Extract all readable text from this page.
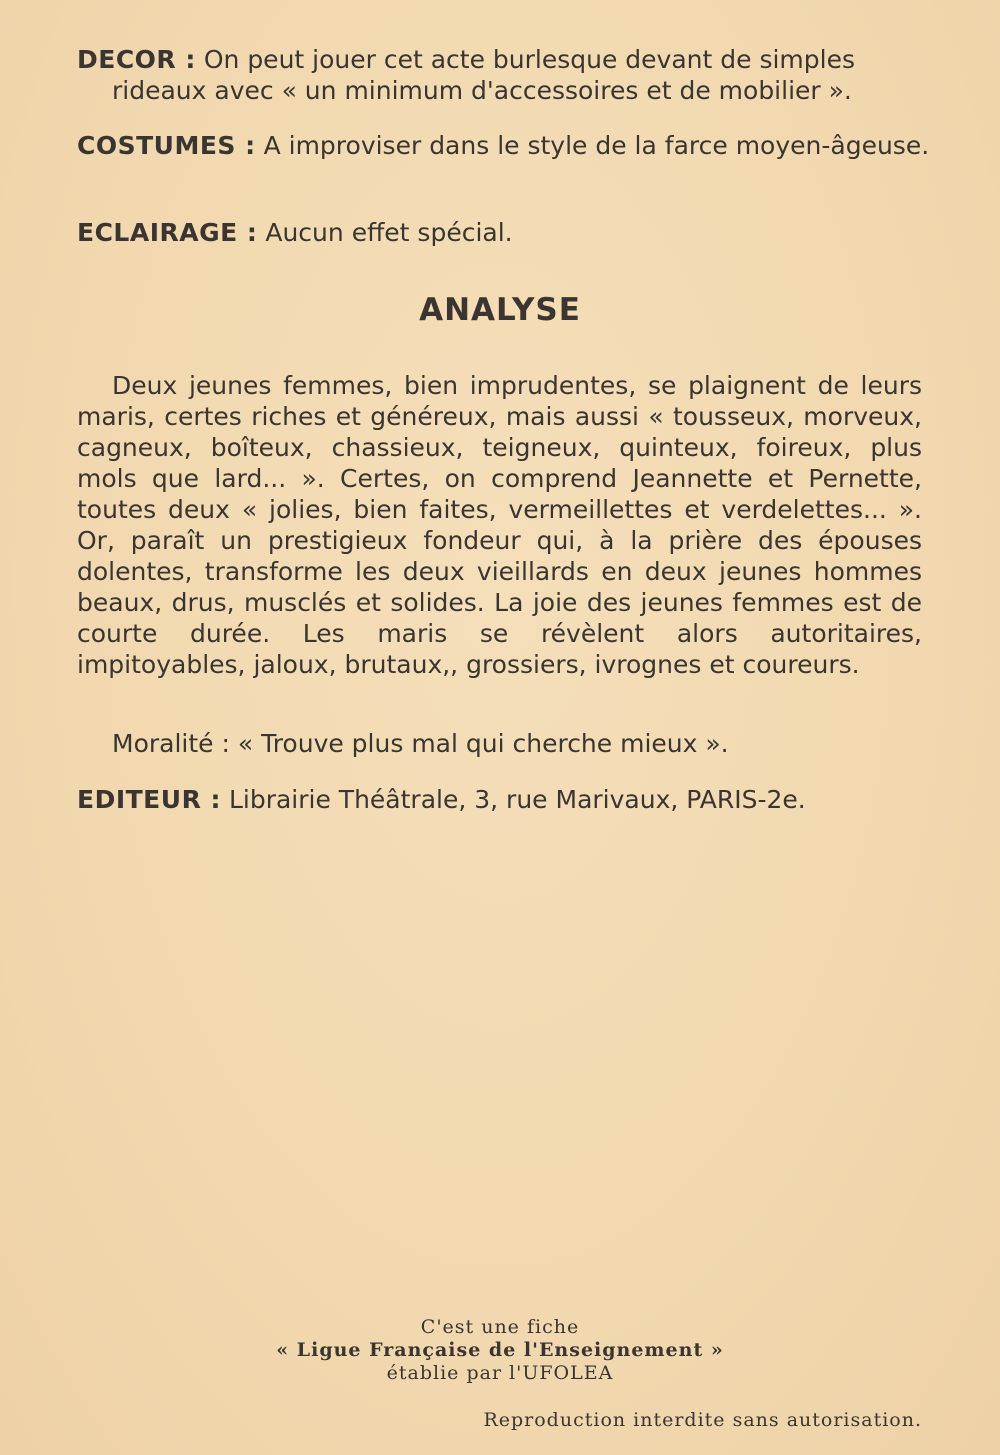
DECOR : On peut jouer cet acte burlesque devant de simples rideaux avec « un minimum d'accessoires et de mobilier ».
COSTUMES : A improviser dans le style de la farce moyen-âgeuse.
ECLAIRAGE : Aucun effet spécial.
ANALYSE
Deux jeunes femmes, bien imprudentes, se plaignent de leurs maris, certes riches et généreux, mais aussi « tousseux, morveux, cagneux, boîteux, chassieux, teigneux, quinteux, foireux, plus mols que lard... ». Certes, on comprend Jeannette et Pernette, toutes deux « jolies, bien faites, vermeillettes et verdelettes... ». Or, paraît un prestigieux fondeur qui, à la prière des épouses dolentes, transforme les deux vieillards en deux jeunes hommes beaux, drus, musclés et solides. La joie des jeunes femmes est de courte durée. Les maris se révèlent alors autoritaires, impitoyables, jaloux, brutaux,, grossiers, ivrognes et coureurs.
Moralité : « Trouve plus mal qui cherche mieux ».
EDITEUR : Librairie Théâtrale, 3, rue Marivaux, PARIS-2e.
C'est une fiche
« Ligue Française de l'Enseignement »
établie par l'UFOLEA
Reproduction interdite sans autorisation.
